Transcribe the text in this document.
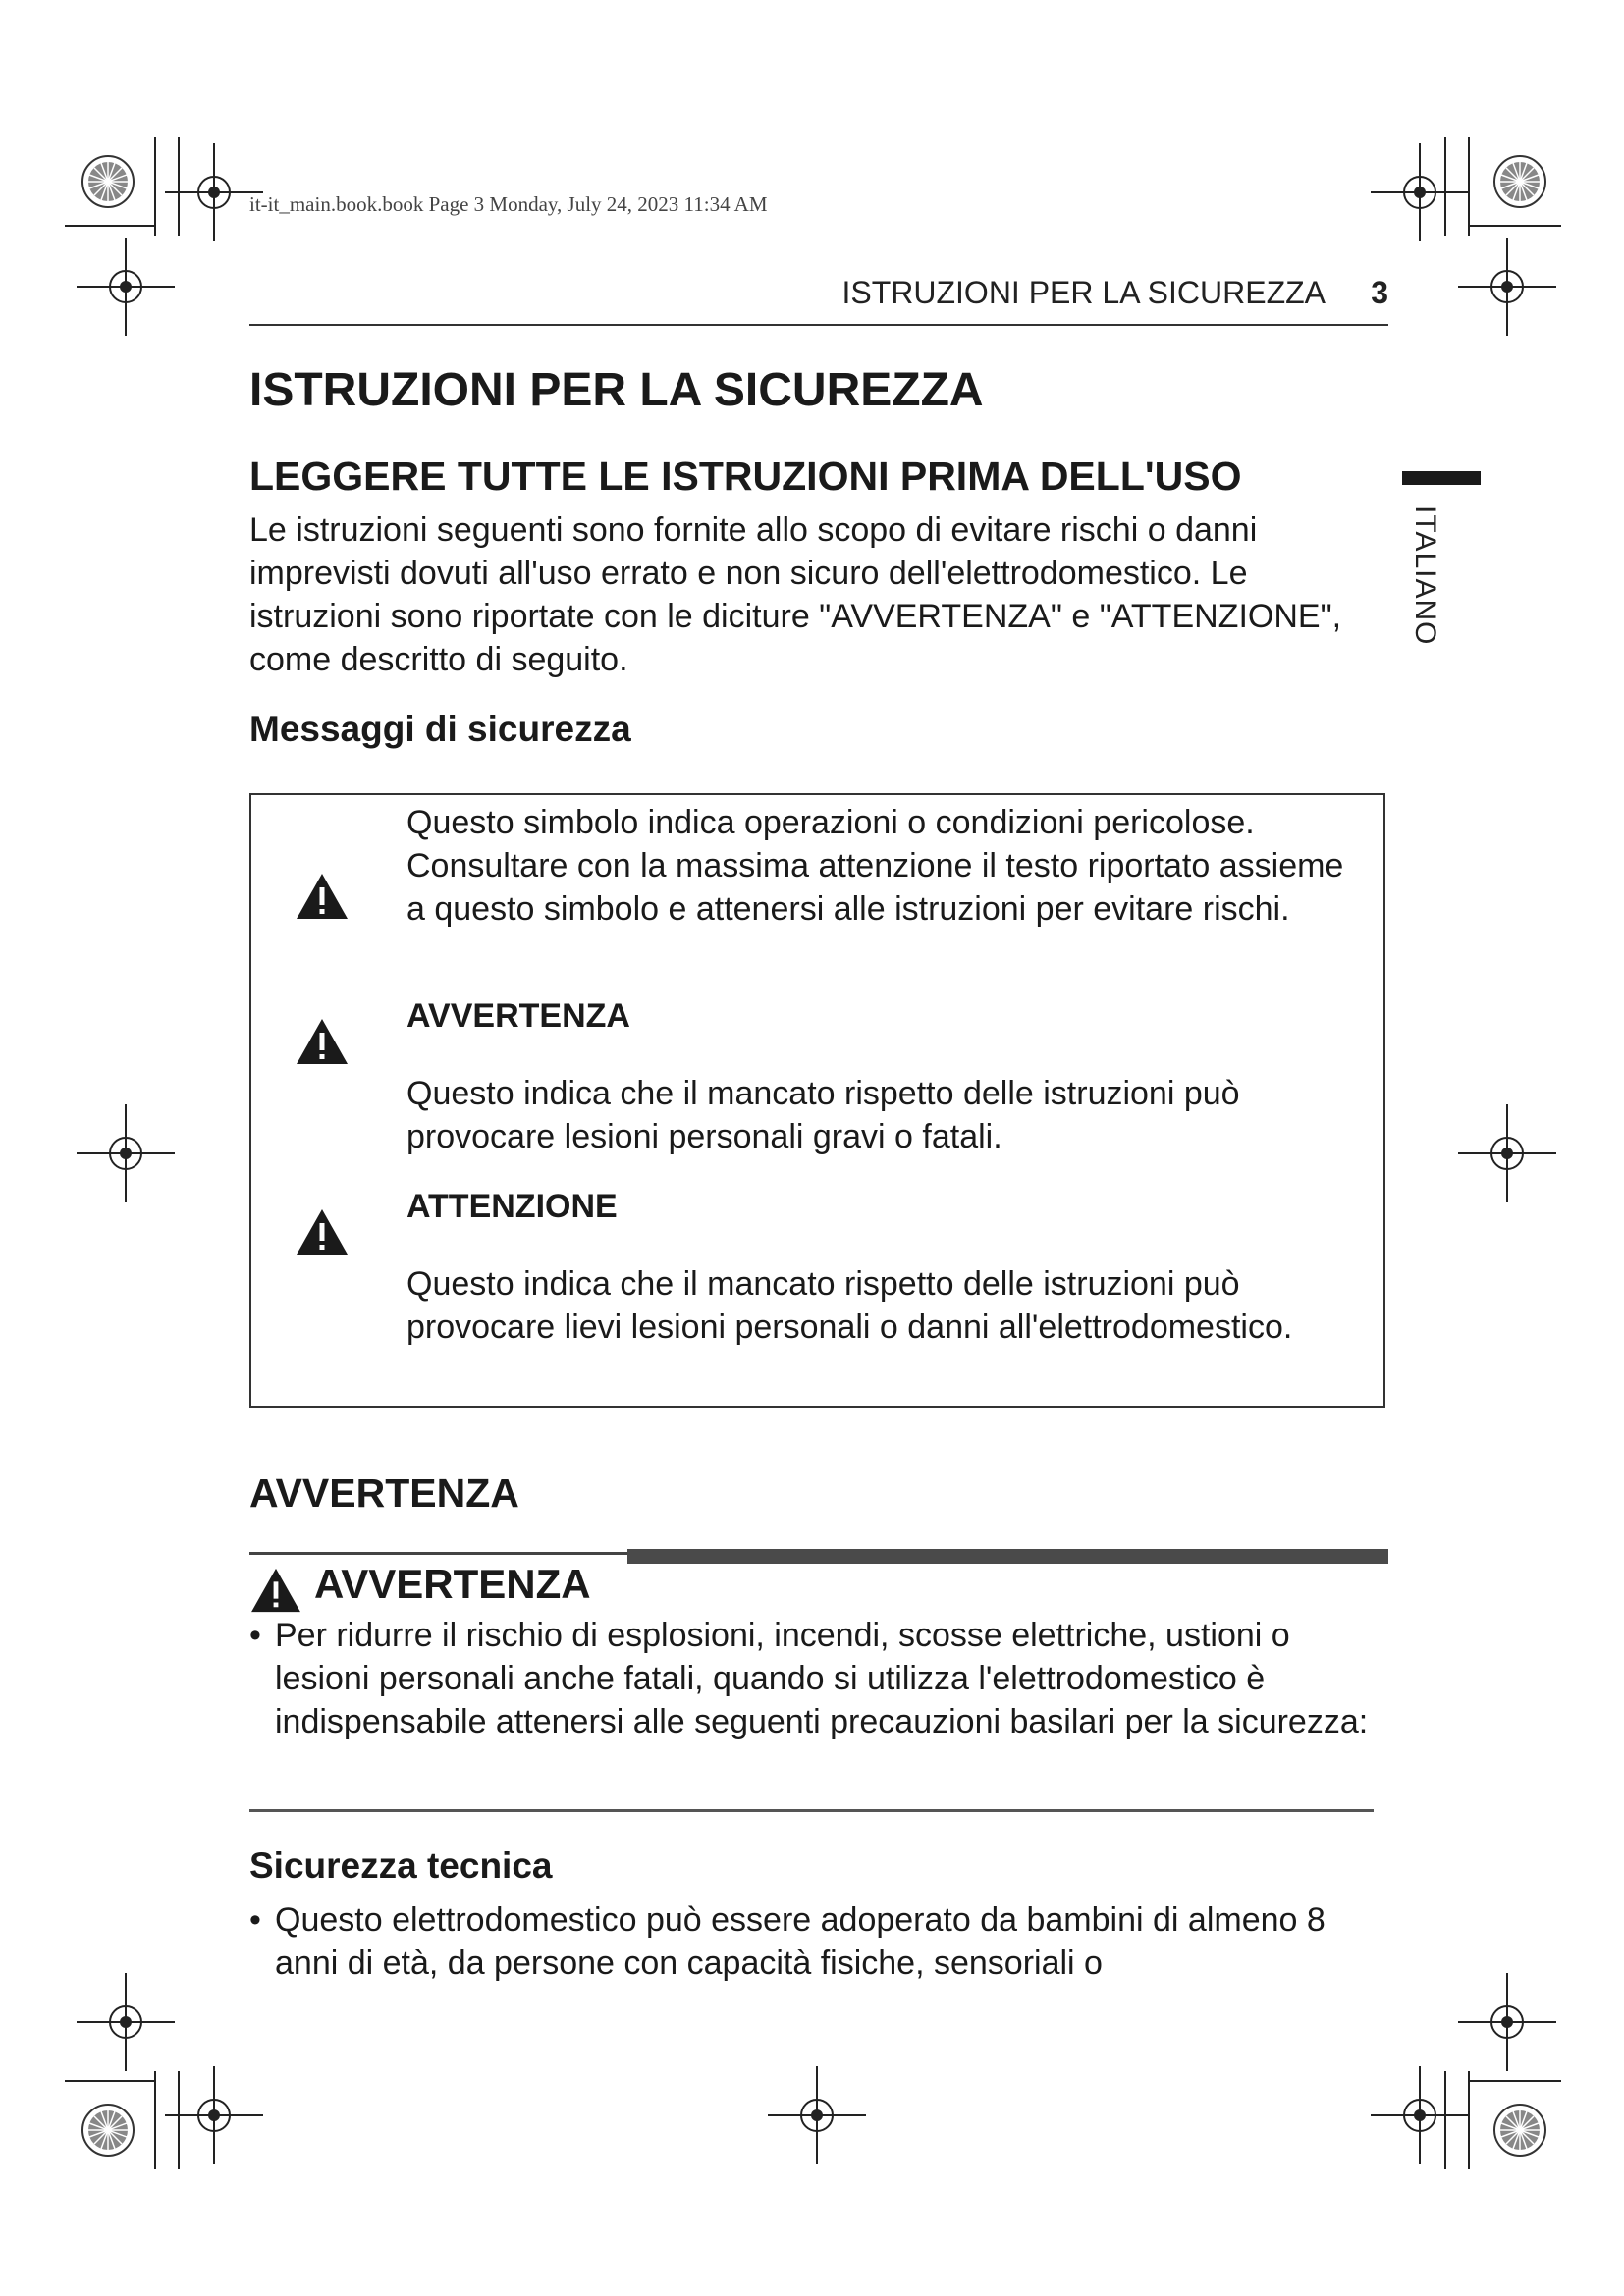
it-it_main.book.book Page 3 Monday, July 24, 2023 11:34 AM
ISTRUZIONI PER LA SICUREZZA 3
ITALIANO
ISTRUZIONI PER LA SICUREZZA
LEGGERE TUTTE LE ISTRUZIONI PRIMA DELL'USO

Le istruzioni seguenti sono fornite allo scopo di evitare rischi o danni imprevisti dovuti all'uso errato e non sicuro dell'elettrodomestico. Le istruzioni sono riportate con le diciture "AVVERTENZA" e "ATTENZIONE", come descritto di seguito.

Messaggi di sicurezza

Questo simbolo indica operazioni o condizioni pericolose. Consultare con la massima attenzione il testo riportato assieme a questo simbolo e attenersi alle istruzioni per evitare rischi.

AVVERTENZA

Questo indica che il mancato rispetto delle istruzioni può provocare lesioni personali gravi o fatali.

ATTENZIONE

Questo indica che il mancato rispetto delle istruzioni può provocare lievi lesioni personali o danni all'elettrodomestico.

AVVERTENZA
AVVERTENZA
• Per ridurre il rischio di esplosioni, incendi, scosse elettriche, ustioni o lesioni personali anche fatali, quando si utilizza l'elettrodomestico è indispensabile attenersi alle seguenti precauzioni basilari per la sicurezza:
Sicurezza tecnica
• Questo elettrodomestico può essere adoperato da bambini di almeno 8 anni di età, da persone con capacità fisiche, sensoriali o
